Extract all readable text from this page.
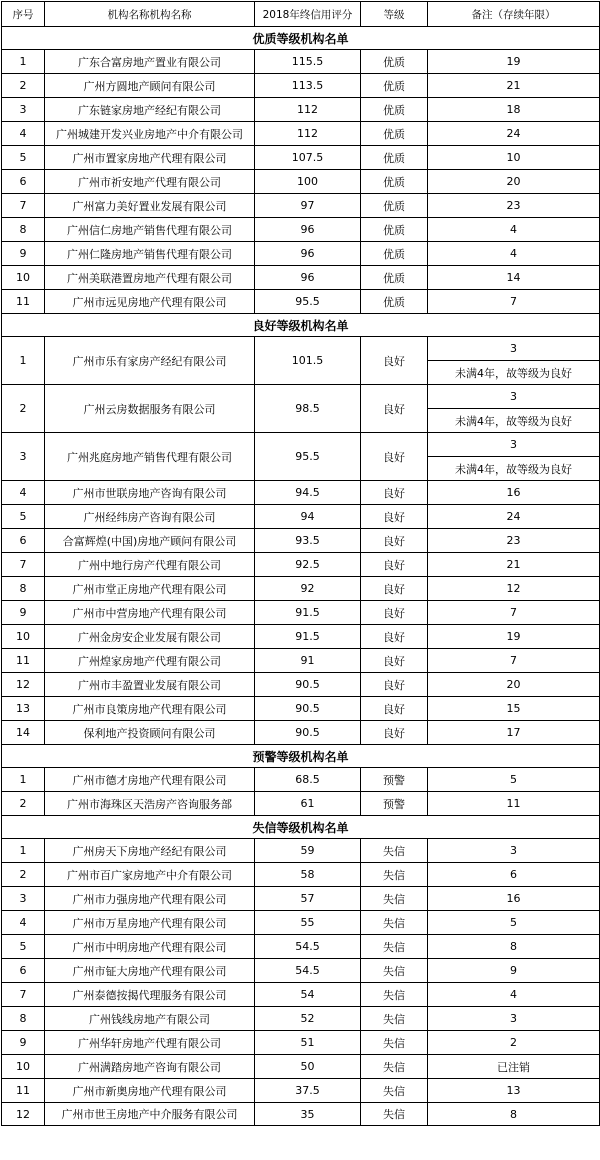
序号	机构名称机构名称	2018年终信用评分	等级	备注（存续年限）
优质等级机构名单				
1	广东合富房地产置业有限公司	115.5	优质	19
2	广州方圆地产顾问有限公司	113.5	优质	21
3	广东链家房地产经纪有限公司	112	优质	18
4	广州城建开发兴业房地产中介有限公司	112	优质	24
5	广州市置家房地产代理有限公司	107.5	优质	10
6	广州市祈安地产代理有限公司	100	优质	20
7	广州富力美好置业发展有限公司	97	优质	23
8	广州信仁房地产销售代理有限公司	96	优质	4
9	广州仁隆房地产销售代理有限公司	96	优质	4
10	广州美联港置房地产代理有限公司	96	优质	14
11	广州市远见房地产代理有限公司	95.5	优质	7
良好等级机构名单				
1	广州市乐有家房产经纪有限公司	101.5	良好	3
				未满4年，故等级为良好
2	广州云房数据服务有限公司	98.5	良好	3
				未满4年，故等级为良好
3	广州兆庭房地产销售代理有限公司	95.5	良好	3
				未满4年，故等级为良好
4	广州市世联房地产咨询有限公司	94.5	良好	16
5	广州经纬房产咨询有限公司	94	良好	24
6	合富辉煌(中国)房地产顾问有限公司	93.5	良好	23
7	广州中地行房产代理有限公司	92.5	良好	21
8	广州市堂正房地产代理有限公司	92	良好	12
9	广州市中营房地产代理有限公司	91.5	良好	7
10	广州金房安企业发展有限公司	91.5	良好	19
11	广州煌家房地产代理有限公司	91	良好	7
12	广州市丰盈置业发展有限公司	90.5	良好	20
13	广州市良策房地产代理有限公司	90.5	良好	15
14	保利地产投资顾问有限公司	90.5	良好	17
预警等级机构名单				
1	广州市德才房地产代理有限公司	68.5	预警	5
2	广州市海珠区天浩房产咨询服务部	61	预警	11
失信等级机构名单				
1	广州房天下房地产经纪有限公司	59	失信	3
2	广州市百广家房地产中介有限公司	58	失信	6
3	广州市力强房地产代理有限公司	57	失信	16
4	广州市万星房地产代理有限公司	55	失信	5
5	广州市中明房地产代理有限公司	54.5	失信	8
6	广州市钲大房地产代理有限公司	54.5	失信	9
7	广州泰德按揭代理服务有限公司	54	失信	4
8	广州钱线房地产有限公司	52	失信	3
9	广州华轩房地产代理有限公司	51	失信	2
10	广州满踏房地产咨询有限公司	50	失信	已注销
11	广州市新奥房地产代理有限公司	37.5	失信	13
12	广州市世王房地产中介服务有限公司	35	失信	8
